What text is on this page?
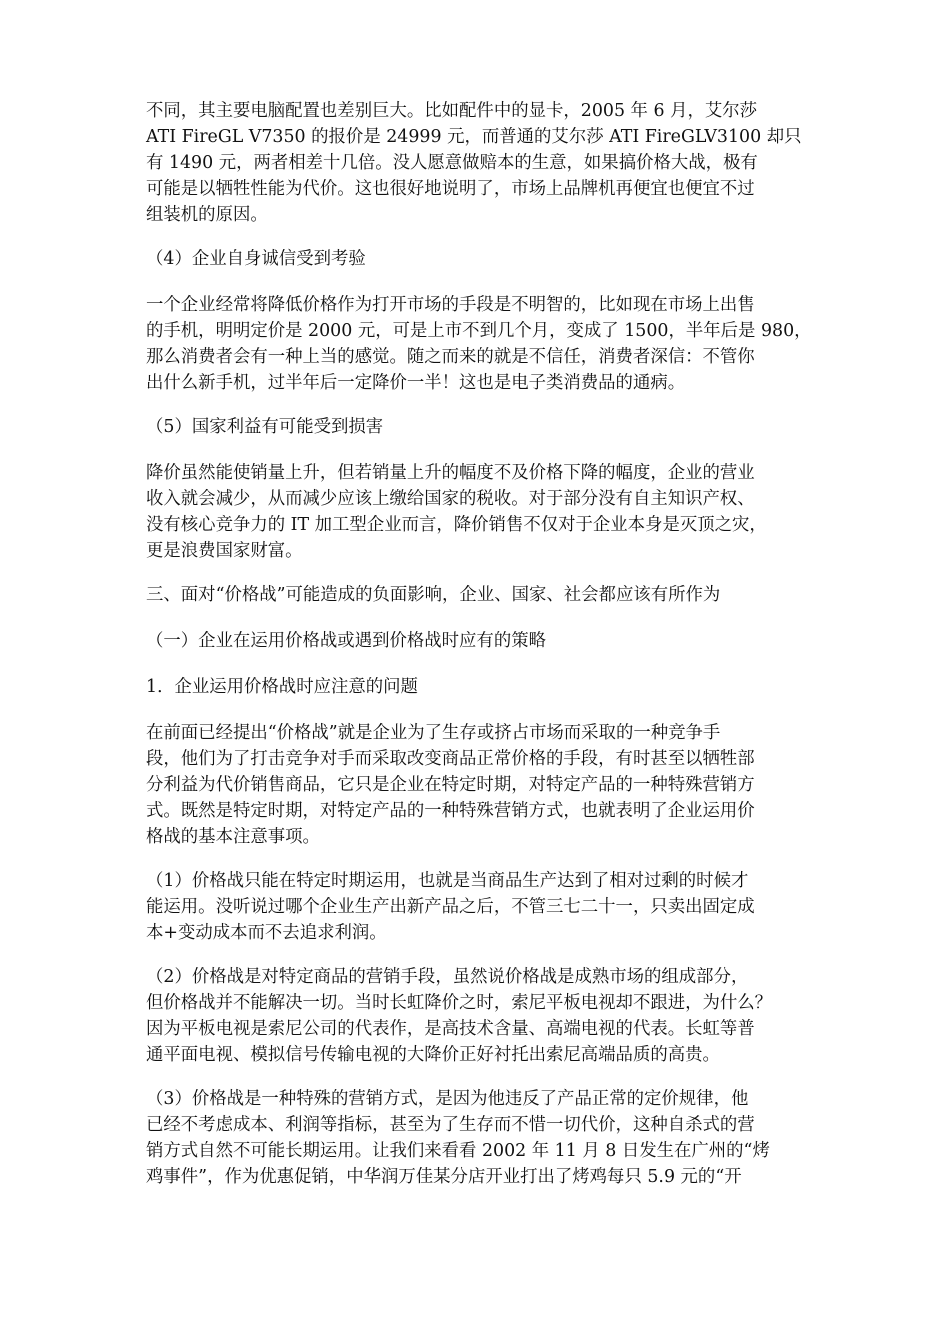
不同，其主要电脑配置也差别巨大。比如配件中的显卡，2005 年 6 月，艾尔莎
ATI FireGL V7350 的报价是 24999 元，而普通的艾尔莎 ATI FireGLV3100 却只
有 1490 元，两者相差十几倍。没人愿意做赔本的生意，如果搞价格大战，极有
可能是以牺牲性能为代价。这也很好地说明了，市场上品牌机再便宜也便宜不过
组装机的原因。
（4）企业自身诚信受到考验
一个企业经常将降低价格作为打开市场的手段是不明智的，比如现在市场上出售
的手机，明明定价是 2000 元，可是上市不到几个月，变成了 1500，半年后是 980，
那么消费者会有一种上当的感觉。随之而来的就是不信任，消费者深信：不管你
出什么新手机，过半年后一定降价一半！这也是电子类消费品的通病。
（5）国家利益有可能受到损害
降价虽然能使销量上升，但若销量上升的幅度不及价格下降的幅度，企业的营业
收入就会减少，从而减少应该上缴给国家的税收。对于部分没有自主知识产权、
没有核心竞争力的 IT 加工型企业而言，降价销售不仅对于企业本身是灭顶之灾，
更是浪费国家财富。
三、面对“价格战”可能造成的负面影响，企业、国家、社会都应该有所作为
（一）企业在运用价格战或遇到价格战时应有的策略
1．企业运用价格战时应注意的问题
在前面已经提出“价格战”就是企业为了生存或挤占市场而采取的一种竞争手
段，他们为了打击竞争对手而采取改变商品正常价格的手段，有时甚至以牺牲部
分利益为代价销售商品，它只是企业在特定时期，对特定产品的一种特殊营销方
式。既然是特定时期，对特定产品的一种特殊营销方式，也就表明了企业运用价
格战的基本注意事项。
（1）价格战只能在特定时期运用，也就是当商品生产达到了相对过剩的时候才
能运用。没听说过哪个企业生产出新产品之后，不管三七二十一，只卖出固定成
本+变动成本而不去追求利润。
（2）价格战是对特定商品的营销手段，虽然说价格战是成熟市场的组成部分，
但价格战并不能解决一切。当时长虹降价之时，索尼平板电视却不跟进，为什么？
因为平板电视是索尼公司的代表作，是高技术含量、高端电视的代表。长虹等普
通平面电视、模拟信号传输电视的大降价正好衬托出索尼高端品质的高贵。
（3）价格战是一种特殊的营销方式，是因为他违反了产品正常的定价规律，他
已经不考虑成本、利润等指标，甚至为了生存而不惜一切代价，这种自杀式的营
销方式自然不可能长期运用。让我们来看看 2002 年 11 月 8 日发生在广州的“烤
鸡事件”，作为优惠促销，中华润万佳某分店开业打出了烤鸡每只 5.9 元的“开
